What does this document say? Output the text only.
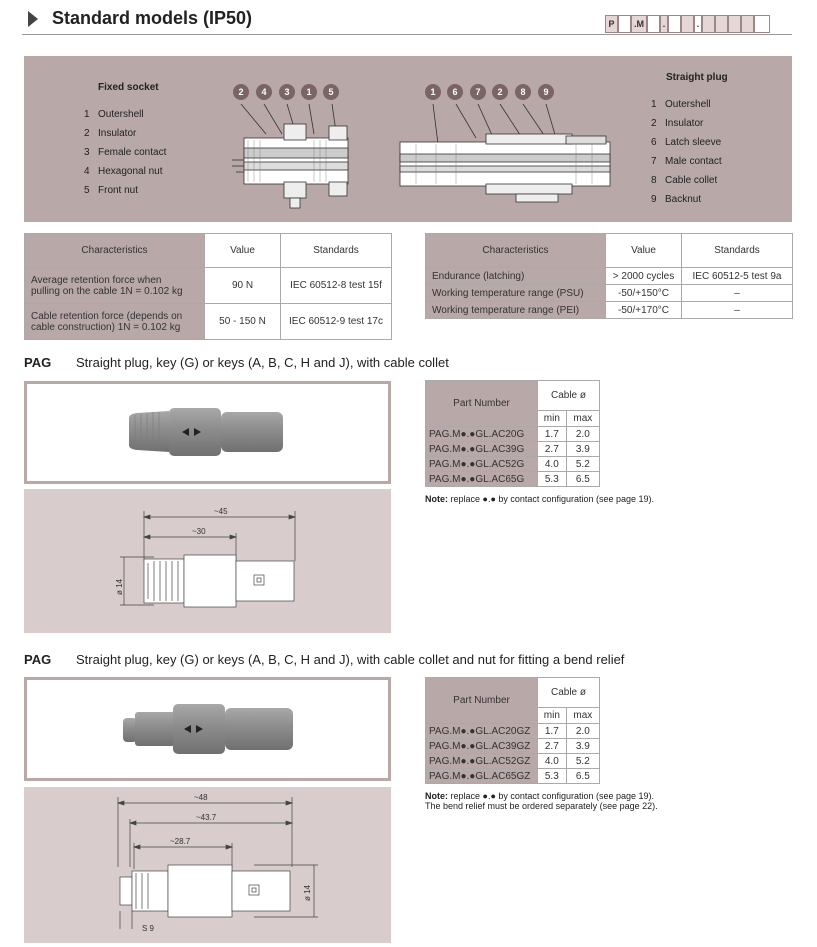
Standard models (IP50)	P	.M	.	.
Fixed socket
1 Outershell
2 Insulator
3 Female contact
4 Hexagonal nut
5 Front nut
Straight plug
1 Outershell
2 Insulator
6 Latch sleeve
7 Male contact
8 Cable collet
9 Backnut
2	4	3	1	5	1	6	7	2	8	9
Characteristics	Value	Standards
Average retention force when
pulling on the cable 1N = 0.102 kg	90 N	IEC 60512-8 test 15f
Cable retention force (depends on
cable construction) 1N = 0.102 kg	50 - 150 N	IEC 60512-9 test 17c
Characteristics	Value	Standards
Endurance (latching)	> 2000 cycles	IEC 60512-5 test 9a
Working temperature range (PSU)	-50/+150°C	–
Working temperature range (PEI)	-50/+170°C	–
PAG Straight plug, key (G) or keys (A, B, C, H and J), with cable collet
~45
~30
ø 14
Part Number	Cable ø	
	min	max
PAG.M●.●GL.AC20G	1.7	2.0
PAG.M●.●GL.AC39G	2.7	3.9
PAG.M●.●GL.AC52G	4.0	5.2
PAG.M●.●GL.AC65G	5.3	6.5
Note: replace ●.● by contact configuration (see page 19).
PAG Straight plug, key (G) or keys (A, B, C, H and J), with cable collet and nut for fitting a bend relief
~48
~43.7
~28.7
ø 14
S 9
Part Number	Cable ø	
	min	max
PAG.M●.●GL.AC20GZ	1.7	2.0
PAG.M●.●GL.AC39GZ	2.7	3.9
PAG.M●.●GL.AC52GZ	4.0	5.2
PAG.M●.●GL.AC65GZ	5.3	6.5
Note: replace ●.● by contact configuration (see page 19).
The bend relief must be ordered separately (see page 22).
